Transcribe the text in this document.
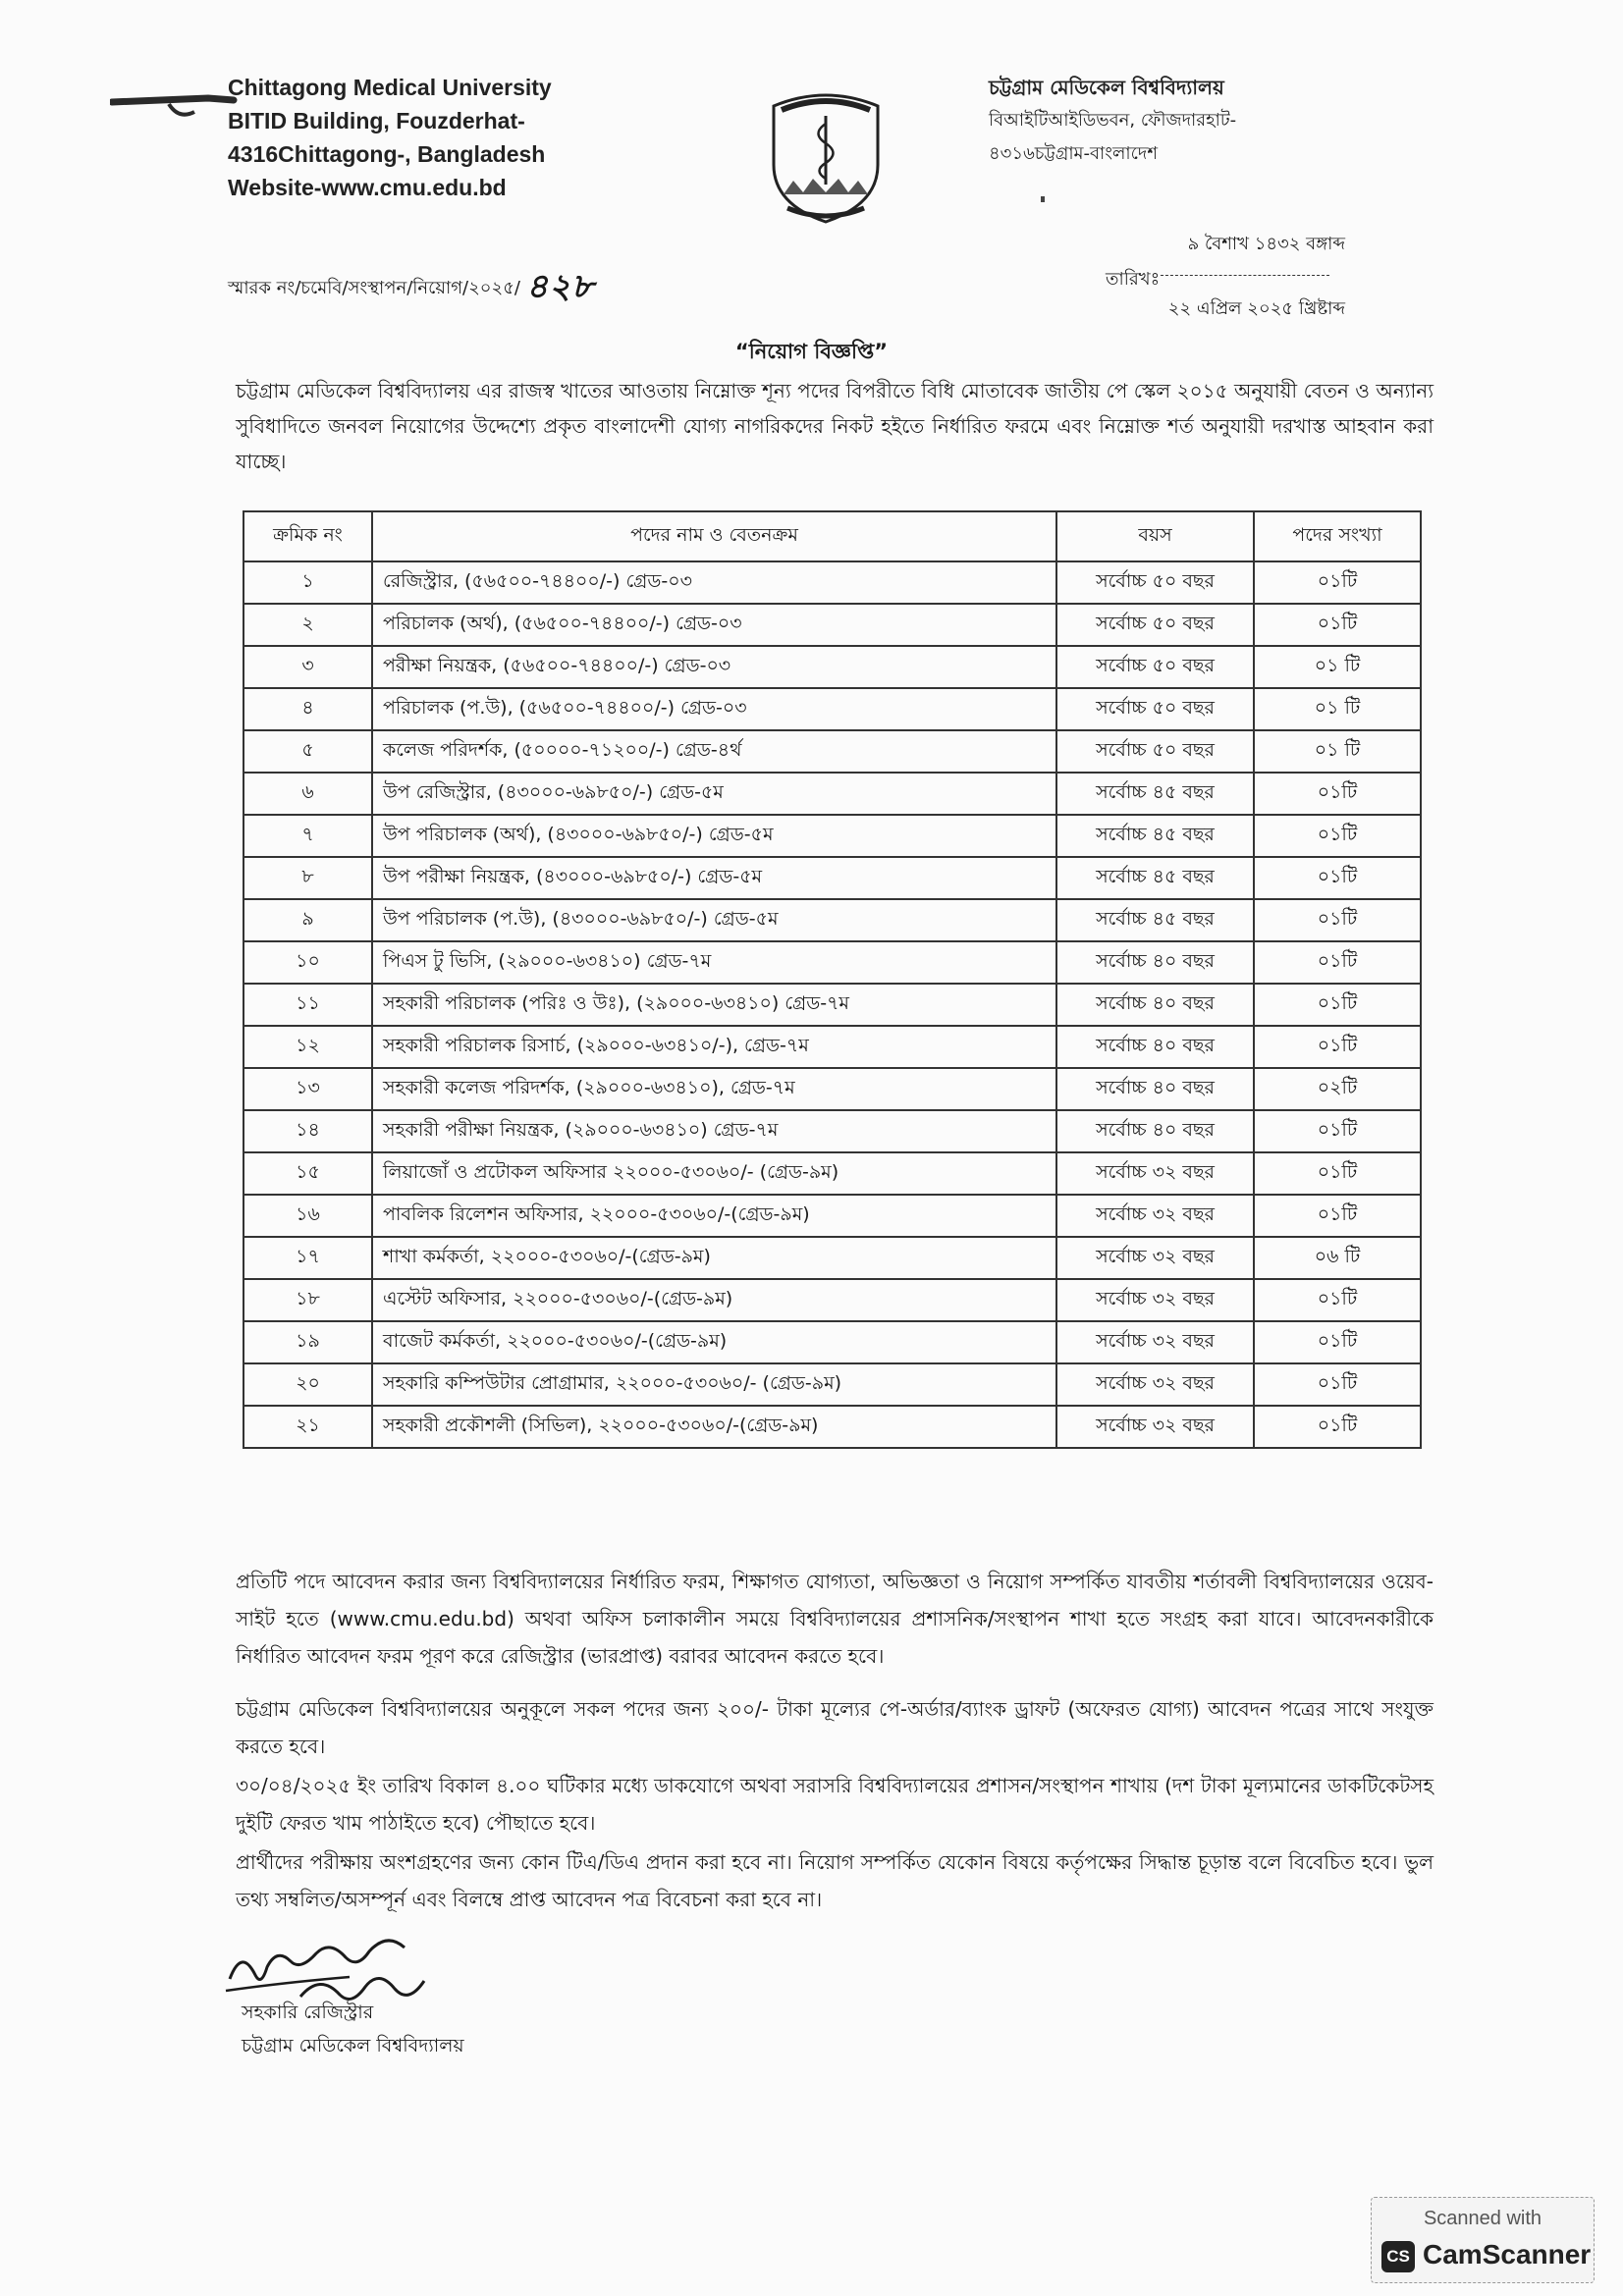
Chittagong Medical University
BITID Building, Fouzderhat-
4316Chittagong-, Bangladesh
Website-www.cmu.edu.bd
চট্টগ্রাম মেডিকেল বিশ্ববিদ্যালয়
বিআইটিআইডিভবন, ফৌজদারহাট-
৪৩১৬চট্টগ্রাম-বাংলাদেশ
স্মারক নং/চমেবি/সংস্থাপন/নিয়োগ/২০২৫/ ৪২৮
৯ বৈশাখ ১৪৩২ বঙ্গাব্দ
তারিখঃ
২২ এপ্রিল ২০২৫ খ্রিষ্টাব্দ
“নিয়োগ বিজ্ঞপ্তি”
চট্টগ্রাম মেডিকেল বিশ্ববিদ্যালয় এর রাজস্ব খাতের আওতায় নিম্নোক্ত শূন্য পদের বিপরীতে বিধি মোতাবেক জাতীয় পে স্কেল ২০১৫ অনুযায়ী বেতন ও অন্যান্য সুবিধাদিতে জনবল নিয়োগের উদ্দেশ্যে প্রকৃত বাংলাদেশী যোগ্য নাগরিকদের নিকট হইতে নির্ধারিত ফরমে এবং নিম্নোক্ত শর্ত অনুযায়ী দরখাস্ত আহবান করা যাচ্ছে।
ক্রমিক নং	পদের নাম ও বেতনক্রম	বয়স	পদের সংখ্যা
১	রেজিস্ট্রার, (৫৬৫০০-৭৪৪০০/-) গ্রেড-০৩	সর্বোচ্চ ৫০ বছর	০১টি
২	পরিচালক (অর্থ), (৫৬৫০০-৭৪৪০০/-) গ্রেড-০৩	সর্বোচ্চ ৫০ বছর	০১টি
৩	পরীক্ষা নিয়ন্ত্রক, (৫৬৫০০-৭৪৪০০/-) গ্রেড-০৩	সর্বোচ্চ ৫০ বছর	০১ টি
৪	পরিচালক (প.উ), (৫৬৫০০-৭৪৪০০/-) গ্রেড-০৩	সর্বোচ্চ ৫০ বছর	০১ টি
৫	কলেজ পরিদর্শক, (৫০০০০-৭১২০০/-) গ্রেড-৪র্থ	সর্বোচ্চ ৫০ বছর	০১ টি
৬	উপ রেজিস্ট্রার, (৪৩০০০-৬৯৮৫০/-) গ্রেড-৫ম	সর্বোচ্চ ৪৫ বছর	০১টি
৭	উপ পরিচালক (অর্থ), (৪৩০০০-৬৯৮৫০/-) গ্রেড-৫ম	সর্বোচ্চ ৪৫ বছর	০১টি
৮	উপ পরীক্ষা নিয়ন্ত্রক, (৪৩০০০-৬৯৮৫০/-) গ্রেড-৫ম	সর্বোচ্চ ৪৫ বছর	০১টি
৯	উপ পরিচালক (প.উ), (৪৩০০০-৬৯৮৫০/-) গ্রেড-৫ম	সর্বোচ্চ ৪৫ বছর	০১টি
১০	পিএস টু ভিসি, (২৯০০০-৬৩৪১০) গ্রেড-৭ম	সর্বোচ্চ ৪০ বছর	০১টি
১১	সহকারী পরিচালক (পরিঃ ও উঃ), (২৯০০০-৬৩৪১০) গ্রেড-৭ম	সর্বোচ্চ ৪০ বছর	০১টি
১২	সহকারী পরিচালক রিসার্চ, (২৯০০০-৬৩৪১০/-), গ্রেড-৭ম	সর্বোচ্চ ৪০ বছর	০১টি
১৩	সহকারী কলেজ পরিদর্শক, (২৯০০০-৬৩৪১০), গ্রেড-৭ম	সর্বোচ্চ ৪০ বছর	০২টি
১৪	সহকারী পরীক্ষা নিয়ন্ত্রক, (২৯০০০-৬৩৪১০) গ্রেড-৭ম	সর্বোচ্চ ৪০ বছর	০১টি
১৫	লিয়াজোঁ ও প্রটোকল অফিসার ২২০০০-৫৩০৬০/- (গ্রেড-৯ম)	সর্বোচ্চ ৩২ বছর	০১টি
১৬	পাবলিক রিলেশন অফিসার, ২২০০০-৫৩০৬০/-(গ্রেড-৯ম)	সর্বোচ্চ ৩২ বছর	০১টি
১৭	শাখা কর্মকর্তা, ২২০০০-৫৩০৬০/-(গ্রেড-৯ম)	সর্বোচ্চ ৩২ বছর	০৬ টি
১৮	এস্টেট অফিসার, ২২০০০-৫৩০৬০/-(গ্রেড-৯ম)	সর্বোচ্চ ৩২ বছর	০১টি
১৯	বাজেট কর্মকর্তা, ২২০০০-৫৩০৬০/-(গ্রেড-৯ম)	সর্বোচ্চ ৩২ বছর	০১টি
২০	সহকারি কম্পিউটার প্রোগ্রামার, ২২০০০-৫৩০৬০/- (গ্রেড-৯ম)	সর্বোচ্চ ৩২ বছর	০১টি
২১	সহকারী প্রকৌশলী (সিভিল), ২২০০০-৫৩০৬০/-(গ্রেড-৯ম)	সর্বোচ্চ ৩২ বছর	০১টি
প্রতিটি পদে আবেদন করার জন্য বিশ্ববিদ্যালয়ের নির্ধারিত ফরম, শিক্ষাগত যোগ্যতা, অভিজ্ঞতা ও নিয়োগ সম্পর্কিত যাবতীয় শর্তাবলী বিশ্ববিদ্যালয়ের ওয়েব-সাইট হতে (www.cmu.edu.bd) অথবা অফিস চলাকালীন সময়ে বিশ্ববিদ্যালয়ের প্রশাসনিক/সংস্থাপন শাখা হতে সংগ্রহ করা যাবে। আবেদনকারীকে নির্ধারিত আবেদন ফরম পূরণ করে রেজিস্ট্রার (ভারপ্রাপ্ত) বরাবর আবেদন করতে হবে।
চট্টগ্রাম মেডিকেল বিশ্ববিদ্যালয়ের অনুকূলে সকল পদের জন্য ২০০/- টাকা মূল্যের পে-অর্ডার/ব্যাংক ড্রাফট (অফেরত যোগ্য) আবেদন পত্রের সাথে সংযুক্ত করতে হবে।
৩০/০৪/২০২৫ ইং তারিখ বিকাল ৪.০০ ঘটিকার মধ্যে ডাকযোগে অথবা সরাসরি বিশ্ববিদ্যালয়ের প্রশাসন/সংস্থাপন শাখায় (দশ টাকা মূল্যমানের ডাকটিকেটসহ দুইটি ফেরত খাম পাঠাইতে হবে) পৌছাতে হবে।
প্রার্থীদের পরীক্ষায় অংশগ্রহণের জন্য কোন টিএ/ডিএ প্রদান করা হবে না। নিয়োগ সম্পর্কিত যেকোন বিষয়ে কর্তৃপক্ষের সিদ্ধান্ত চূড়ান্ত বলে বিবেচিত হবে। ভুল তথ্য সম্বলিত/অসম্পূর্ন এবং বিলম্বে প্রাপ্ত আবেদন পত্র বিবেচনা করা হবে না।
সহকারি রেজিস্ট্রার
চট্টগ্রাম মেডিকেল বিশ্ববিদ্যালয়
Scanned with
CS CamScanner
